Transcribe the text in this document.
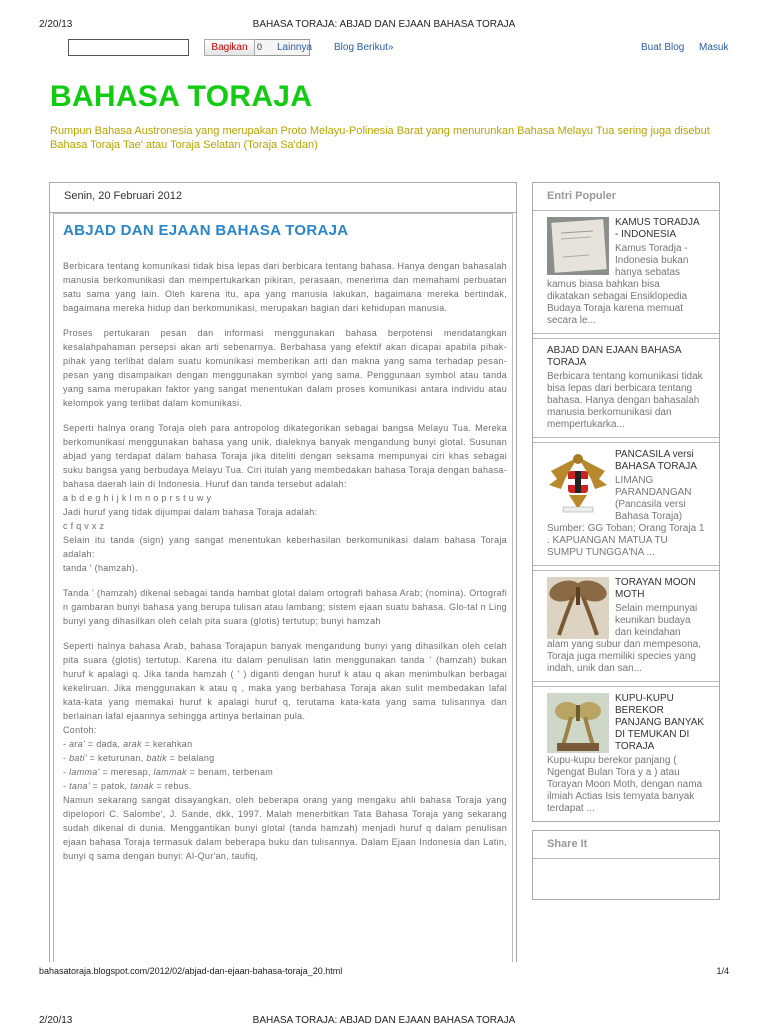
2/20/13	BAHASA TORAJA: ABJAD DAN EJAAN BAHASA TORAJA
Bagikan	0 Lainnya Blog Berikut»	Buat Blog Masuk
BAHASA TORAJA
Rumpun Bahasa Austronesia yang merupakan Proto Melayu-Polinesia Barat yang menurunkan Bahasa Melayu Tua sering juga disebut Bahasa Toraja Tae' atau Toraja Selatan (Toraja Sa'dan)
Senin, 20 Februari 2012
ABJAD DAN EJAAN BAHASA TORAJA

Berbicara tentang komunikasi tidak bisa lepas dari berbicara tentang bahasa. Hanya dengan bahasalah manusia berkomunikasi dan mempertukarkan pikiran, perasaan, menerima dan memahami perbuatan satu sama yang lain. Oleh karena itu, apa yang manusia lakukan, bagaimana mereka bertindak, bagaimana mereka hidup dan berkomunikasi, merupakan bagian dari kehidupan manusia.

Proses pertukaran pesan dan informasi menggunakan bahasa berpotensi mendatangkan kesalahpahaman persepsi akan arti sebenarnya. Berbahasa yang efektif akan dicapai apabila pihak-pihak yang terlibat dalam suatu komunikasi memberikan arti dan makna yang sama terhadap pesan-pesan yang disampaikan dengan menggunakan symbol yang sama. Penggunaan symbol atau tanda yang sama merupakan faktor yang sangat menentukan dalam proses komunikasi antara individu atau kelompok yang terlibat dalam komunikasi.

Seperti halnya orang Toraja oleh para antropolog dikategorikan sebagai bangsa Melayu Tua. Mereka berkomunikasi menggunakan bahasa yang unik, dialeknya banyak mengandung bunyi glotal. Susunan abjad yang terdapat dalam bahasa Toraja jika diteliti dengan seksama mempunyai ciri khas sebagai suku bangsa yang berbudaya Melayu Tua. Ciri itulah yang membedakan bahasa Toraja dengan bahasa-bahasa daerah lain di Indonesia. Huruf dan tanda tersebut adalah:
a b d e g h i j k l m n o p r s t u w y
Jadi huruf yang tidak dijumpai dalam bahasa Toraja adalah:
c f q v x z
Selain itu tanda (sign) yang sangat menentukan keberhasilan berkomunikasi dalam bahasa Toraja adalah:

tanda ' (hamzah).

Tanda ' (hamzah) dikenal sebagai tanda hambat glotal dalam ortografi bahasa Arab; (nomina). Ortografi n gambaran bunyi bahasa yang berupa tulisan atau lambang; sistem ejaan suatu bahasa. Glo-tal n Ling bunyi yang dihasilkan oleh celah pita suara (glotis) tertutup; bunyi hamzah

Seperti halnya bahasa Arab, bahasa Torajapun banyak mengandung bunyi yang dihasilkan oleh celah pita suara (glotis) tertutup. Karena itu dalam penulisan latin menggunakan tanda ' (hamzah) bukan huruf k apalagi q. Jika tanda hamzah ( ' ) diganti dengan huruf k atau q akan menimbulkan berbagai kekeliruan. Jika menggunakan k atau q , maka yang berbahasa Toraja akan sulit membedakan lafal kata-kata yang memakai huruf k apalagi huruf q, terutama kata-kata yang sama tulisannya dan berlainan lafal ejaannya sehingga artinya berlainan pula.
Contoh:
- ara' = dada, arak = kerahkan
- bati' = keturunan, batik = belalang
- lamma' = meresap, lammak = benam, terbenam
- tana' = patok, tanak = rebus.
Namun sekarang sangat disayangkan, oleh beberapa orang yang mengaku ahli bahasa Toraja yang dipelopori C. Salombe', J. Sande, dkk, 1997. Malah menerbitkan Tata Bahasa Toraja yang sekarang sudah dikenal di dunia. Menggantikan bunyi glotal (tanda hamzah) menjadi huruf q dalam penulisan ejaan bahasa Toraja termasuk dalam beberapa buku dan tulisannya. Dalam Ejaan Indonesia dan Latin, bunyi q sama dengan bunyi: Al-Qur'an, taufiq,
Entri Populer
KAMUS TORADJA - INDONESIA
Kamus Toradja - Indonesia bukan hanya sebatas kamus biasa bahkan bisa dikatakan sebagai Ensiklopedia Budaya Toraja karena memuat secara le...
ABJAD DAN EJAAN BAHASA TORAJA
Berbicara tentang komunikasi tidak bisa lepas dari berbicara tentang bahasa. Hanya dengan bahasalah manusia berkomunikasi dan mempertukarka...
PANCASILA versi BAHASA TORAJA
LIMANG PARANDANGAN (Pancasila versi Bahasa Toraja) Sumber: GG Toban; Orang Toraja 1 . KAPUANGAN MATUA TU SUMPU TUNGGA'NA ...
TORAYAN MOON MOTH
Selain mempunyai keunikan budaya dan keindahan alam yang subur dan mempesona, Toraja juga memiliki species yang indah, unik dan san...
KUPU-KUPU BEREKOR PANJANG BANYAK DI TEMUKAN DI TORAJA
Kupu-kupu berekor panjang ( Ngengat Bulan Tora y a ) atau Torayan Moon Moth, dengan nama ilmiah Actias Isis ternyata banyak terdapat ...
Share It
bahasatoraja.blogspot.com/2012/02/abjad-dan-ejaan-bahasa-toraja_20.html	1/4
2/20/13	BAHASA TORAJA: ABJAD DAN EJAAN BAHASA TORAJA
